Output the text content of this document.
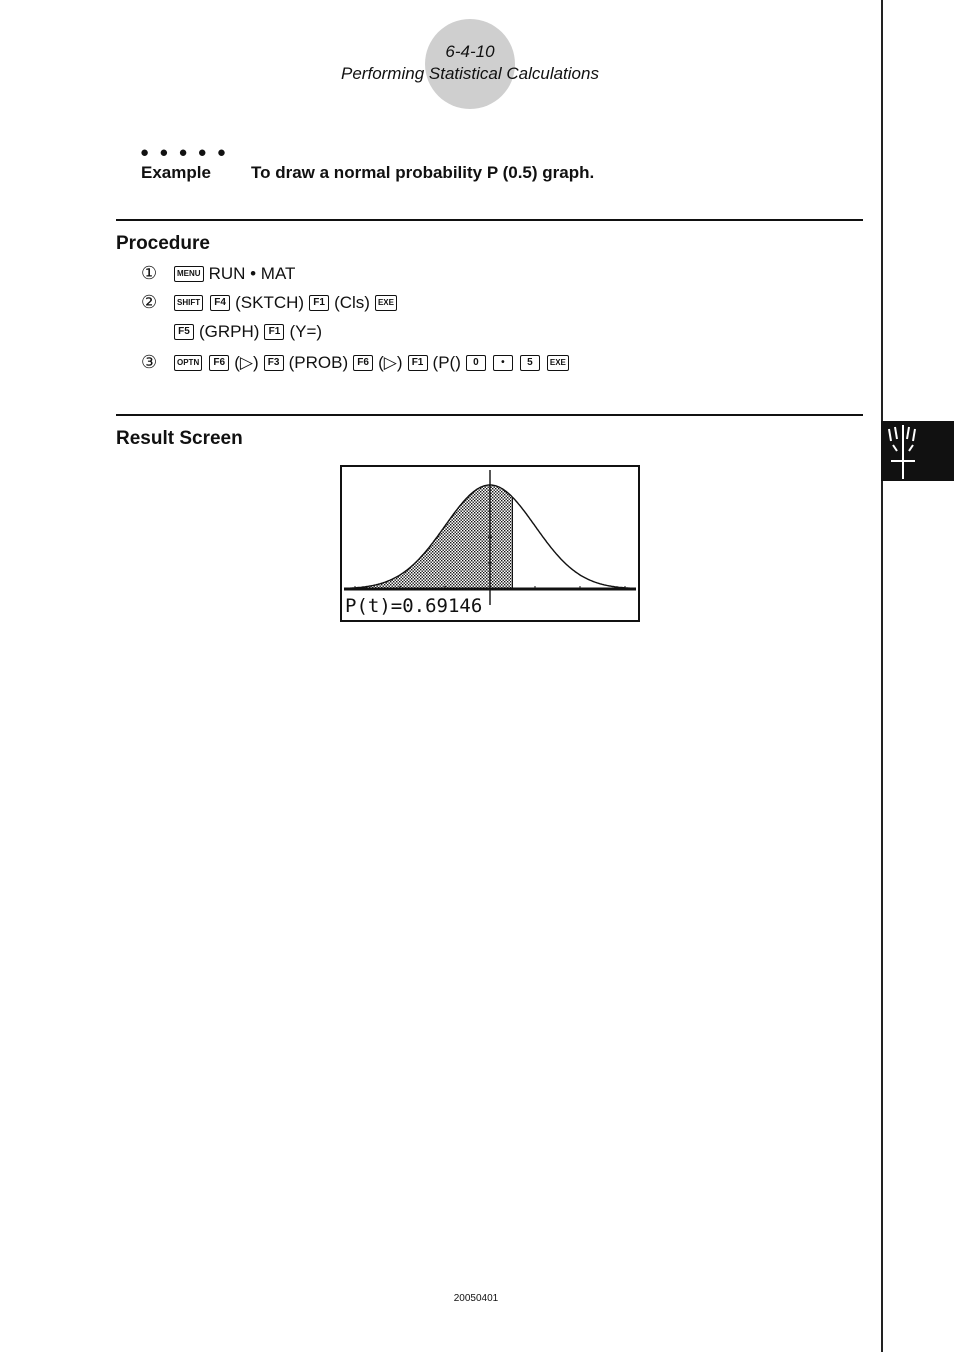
6-4-10
Performing Statistical Calculations
● ● ● ● ●
Example To draw a normal probability P (0.5) graph.
Procedure
①	MENU RUN • MAT
②	SHIFT	F4 (SKTCH) F1 (Cls)	EXE
F5 (GRPH) F1 (Y=)
③	OPTN	F6 (▷) F3 (PROB) F6 (▷) F1 (P()	0	•	5	EXE
Result Screen
P(t)=0.69146
20050401
